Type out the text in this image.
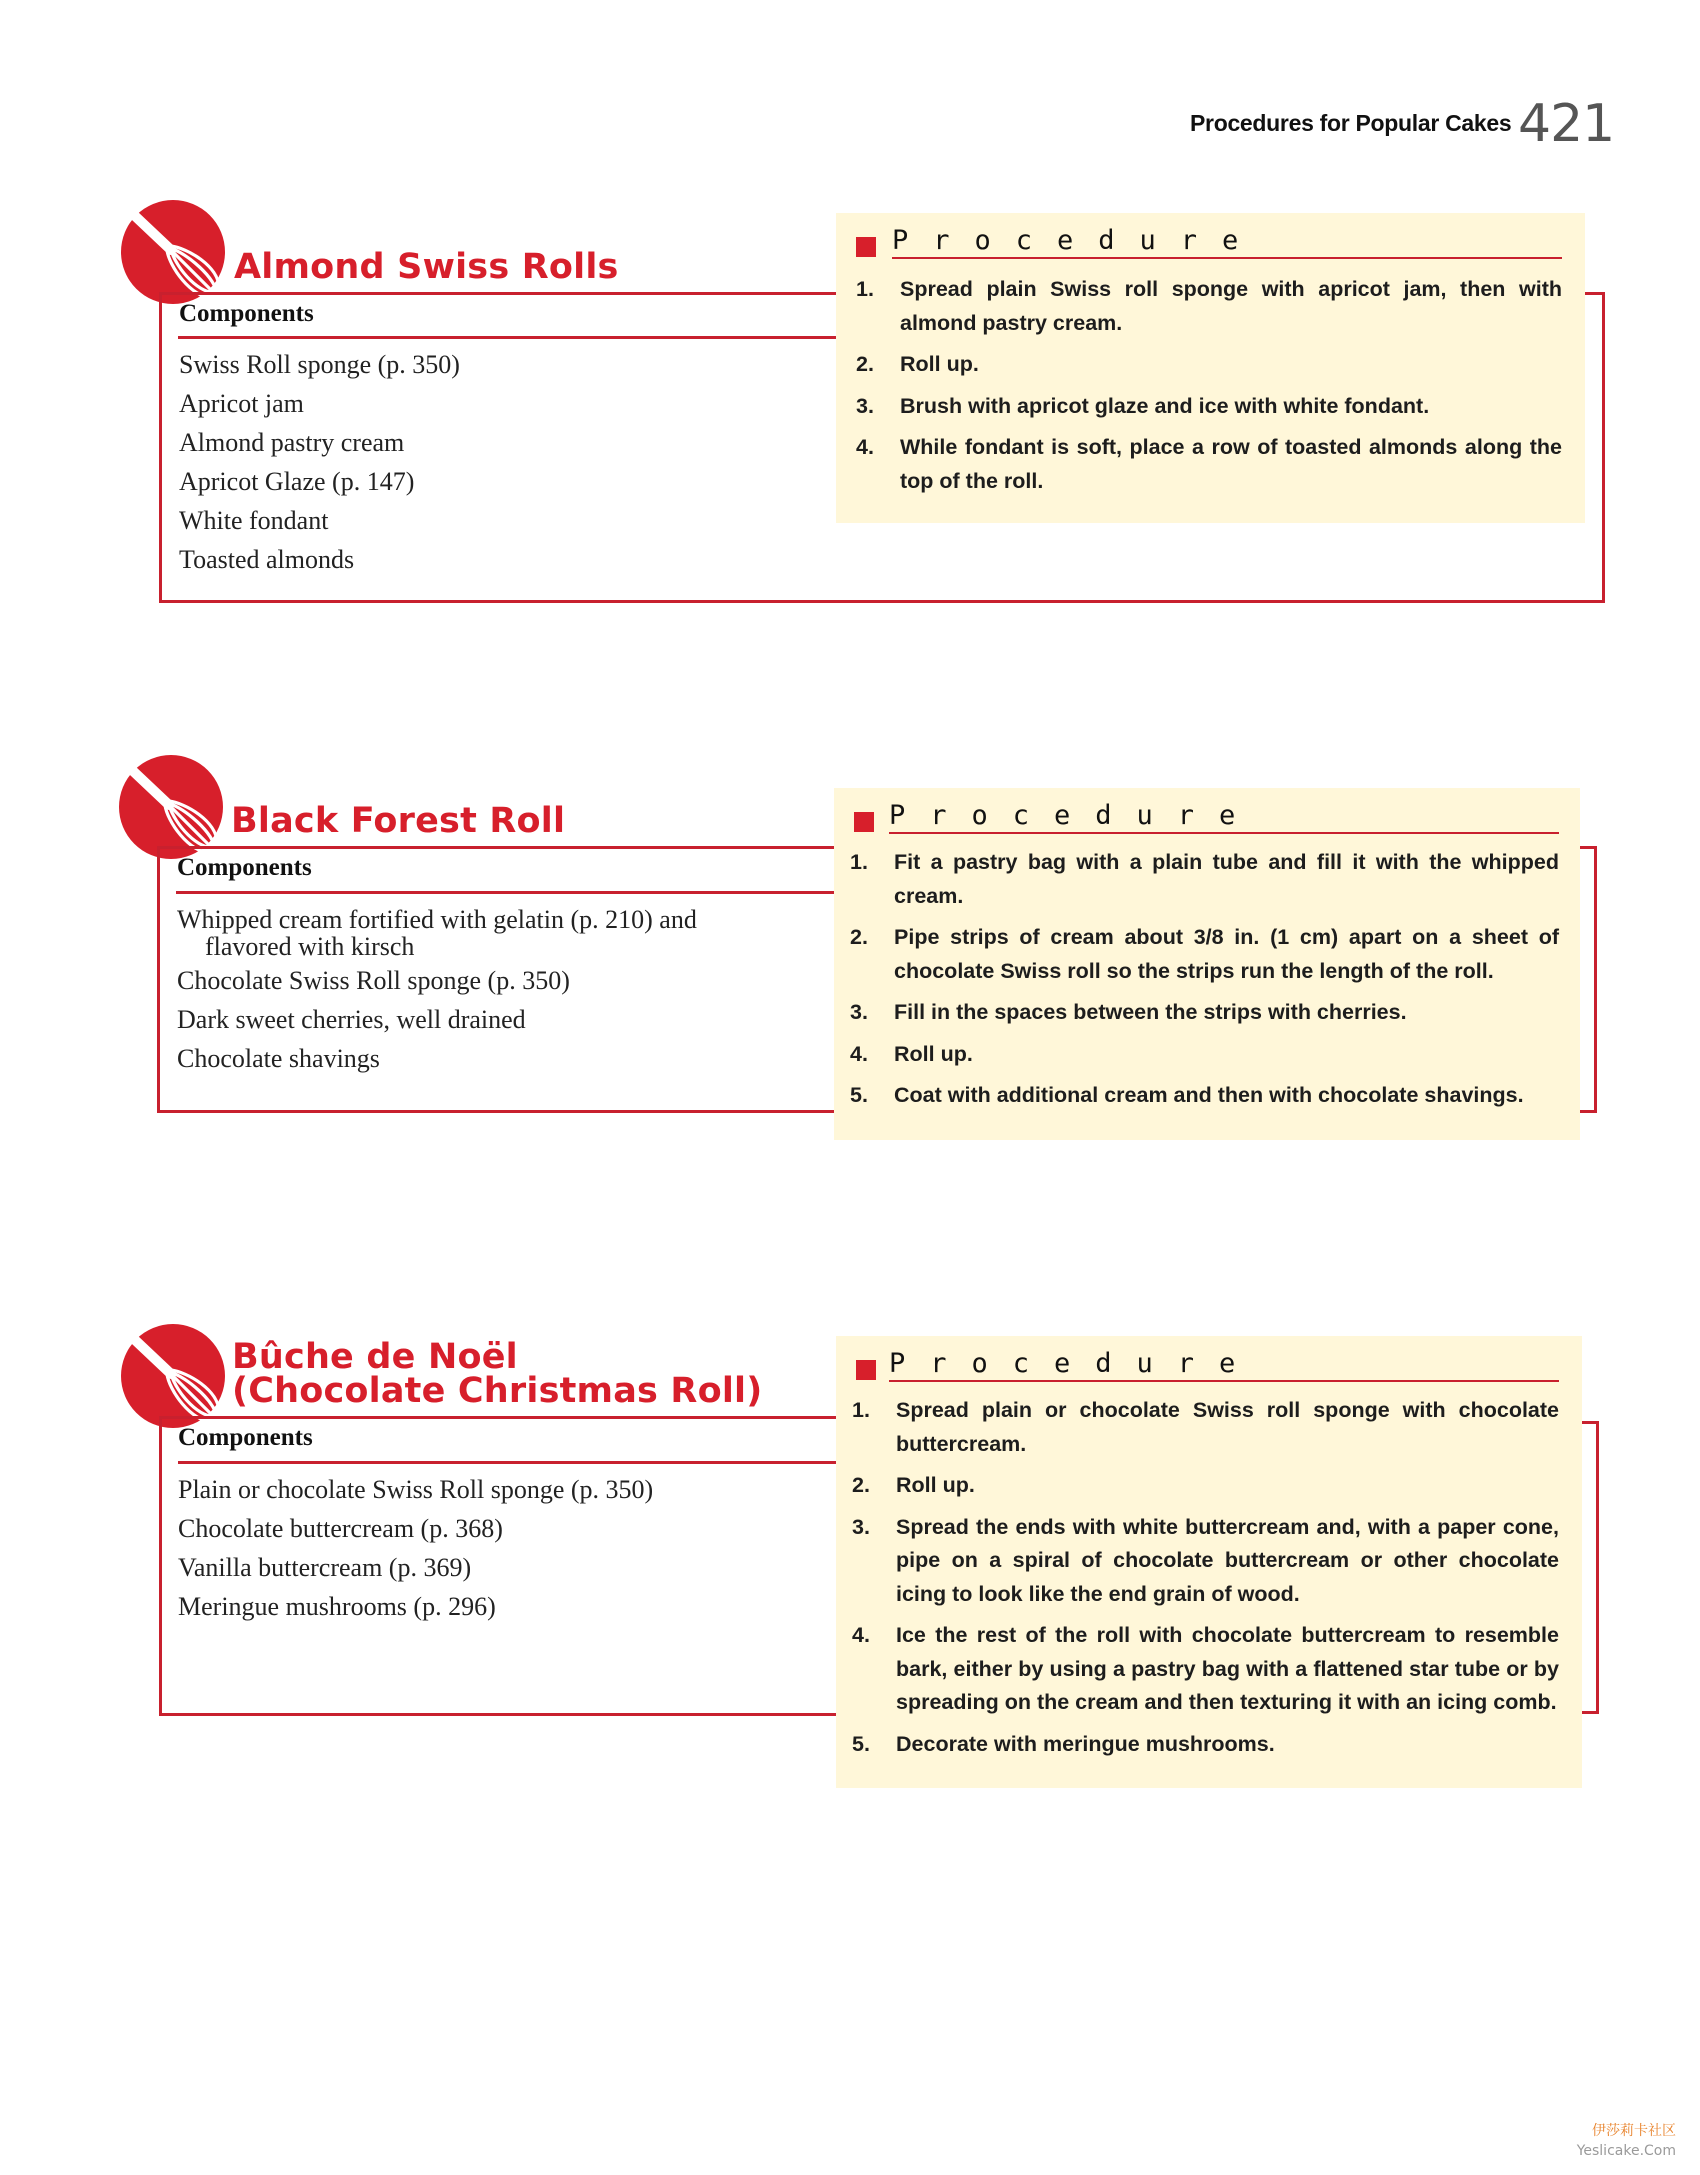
Procedures for Popular Cakes 421
Almond Swiss Rolls
Components
Swiss Roll sponge (p. 350)
Apricot jam
Almond pastry cream
Apricot Glaze (p. 147)
White fondant
Toasted almonds
Procedure
1. Spread plain Swiss roll sponge with apricot jam, then with almond pastry cream.
2. Roll up.
3. Brush with apricot glaze and ice with white fondant.
4. While fondant is soft, place a row of toasted almonds along the top of the roll.
Black Forest Roll
Components
Whipped cream fortified with gelatin (p. 210) and
flavored with kirsch
Chocolate Swiss Roll sponge (p. 350)
Dark sweet cherries, well drained
Chocolate shavings
Procedure
1. Fit a pastry bag with a plain tube and fill it with the whipped cream.
2. Pipe strips of cream about 3/8 in. (1 cm) apart on a sheet of chocolate Swiss roll so the strips run the length of the roll.
3. Fill in the spaces between the strips with cherries.
4. Roll up.
5. Coat with additional cream and then with chocolate shavings.
Bûche de Noël
(Chocolate Christmas Roll)
Components
Plain or chocolate Swiss Roll sponge (p. 350)
Chocolate buttercream (p. 368)
Vanilla buttercream (p. 369)
Meringue mushrooms (p. 296)
Procedure
1. Spread plain or chocolate Swiss roll sponge with chocolate buttercream.
2. Roll up.
3. Spread the ends with white buttercream and, with a paper cone, pipe on a spiral of chocolate buttercream or other chocolate icing to look like the end grain of wood.
4. Ice the rest of the roll with chocolate buttercream to resemble bark, either by using a pastry bag with a flattened star tube or by spreading on the cream and then texturing it with an icing comb.
5. Decorate with meringue mushrooms.
伊莎莉卡社区
Yeslicake.Com
